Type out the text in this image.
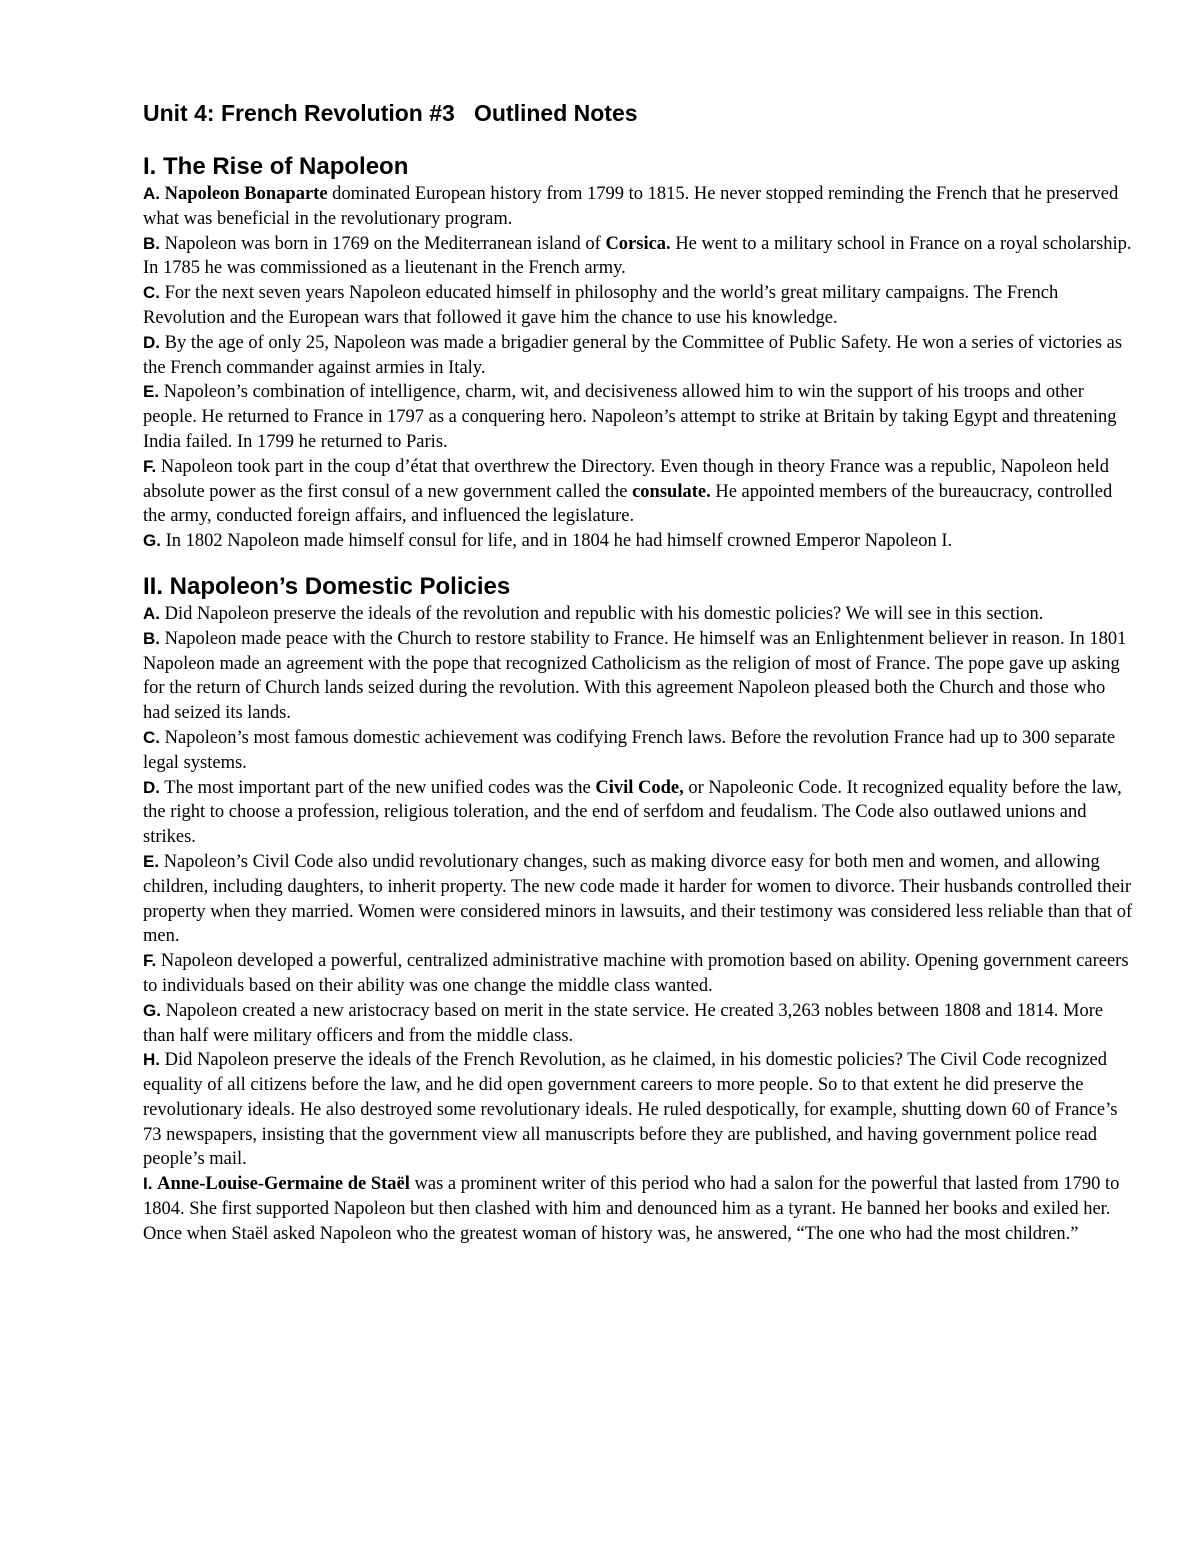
Unit 4: French Revolution #3   Outlined Notes
I. The Rise of Napoleon

A. Napoleon Bonaparte dominated European history from 1799 to 1815. He never stopped reminding the French that he preserved what was beneficial in the revolutionary program.

B. Napoleon was born in 1769 on the Mediterranean island of Corsica. He went to a military school in France on a royal scholarship. In 1785 he was commissioned as a lieutenant in the French army.

C. For the next seven years Napoleon educated himself in philosophy and the world’s great military campaigns. The French Revolution and the European wars that followed it gave him the chance to use his knowledge.

D. By the age of only 25, Napoleon was made a brigadier general by the Committee of Public Safety. He won a series of victories as the French commander against armies in Italy.

E. Napoleon’s combination of intelligence, charm, wit, and decisiveness allowed him to win the support of his troops and other people. He returned to France in 1797 as a conquering hero. Napoleon’s attempt to strike at Britain by taking Egypt and threatening India failed. In 1799 he returned to Paris.

F. Napoleon took part in the coup d’état that overthrew the Directory. Even though in theory France was a republic, Napoleon held absolute power as the first consul of a new government called the consulate. He appointed members of the bureaucracy, controlled the army, conducted foreign affairs, and influenced the legislature.

G. In 1802 Napoleon made himself consul for life, and in 1804 he had himself crowned Emperor Napoleon I.

II. Napoleon’s Domestic Policies

A. Did Napoleon preserve the ideals of the revolution and republic with his domestic policies? We will see in this section.

B. Napoleon made peace with the Church to restore stability to France. He himself was an Enlightenment believer in reason. In 1801 Napoleon made an agreement with the pope that recognized Catholicism as the religion of most of France. The pope gave up asking for the return of Church lands seized during the revolution. With this agreement Napoleon pleased both the Church and those who had seized its lands.

C. Napoleon’s most famous domestic achievement was codifying French laws. Before the revolution France had up to 300 separate legal systems.

D. The most important part of the new unified codes was the Civil Code, or Napoleonic Code. It recognized equality before the law, the right to choose a profession, religious toleration, and the end of serfdom and feudalism. The Code also outlawed unions and strikes.

E. Napoleon’s Civil Code also undid revolutionary changes, such as making divorce easy for both men and women, and allowing children, including daughters, to inherit property. The new code made it harder for women to divorce. Their husbands controlled their property when they married. Women were considered minors in lawsuits, and their testimony was considered less reliable than that of men.

F. Napoleon developed a powerful, centralized administrative machine with promotion based on ability. Opening government careers to individuals based on their ability was one change the middle class wanted.

G. Napoleon created a new aristocracy based on merit in the state service. He created 3,263 nobles between 1808 and 1814. More than half were military officers and from the middle class.

H. Did Napoleon preserve the ideals of the French Revolution, as he claimed, in his domestic policies? The Civil Code recognized equality of all citizens before the law, and he did open government careers to more people. So to that extent he did preserve the revolutionary ideals. He also destroyed some revolutionary ideals. He ruled despotically, for example, shutting down 60 of France’s 73 newspapers, insisting that the government view all manuscripts before they are published, and having government police read people’s mail.

I. Anne-Louise-Germaine de Staël was a prominent writer of this period who had a salon for the powerful that lasted from 1790 to 1804. She first supported Napoleon but then clashed with him and denounced him as a tyrant. He banned her books and exiled her. Once when Staël asked Napoleon who the greatest woman of history was, he answered, “The one who had the most children.”
